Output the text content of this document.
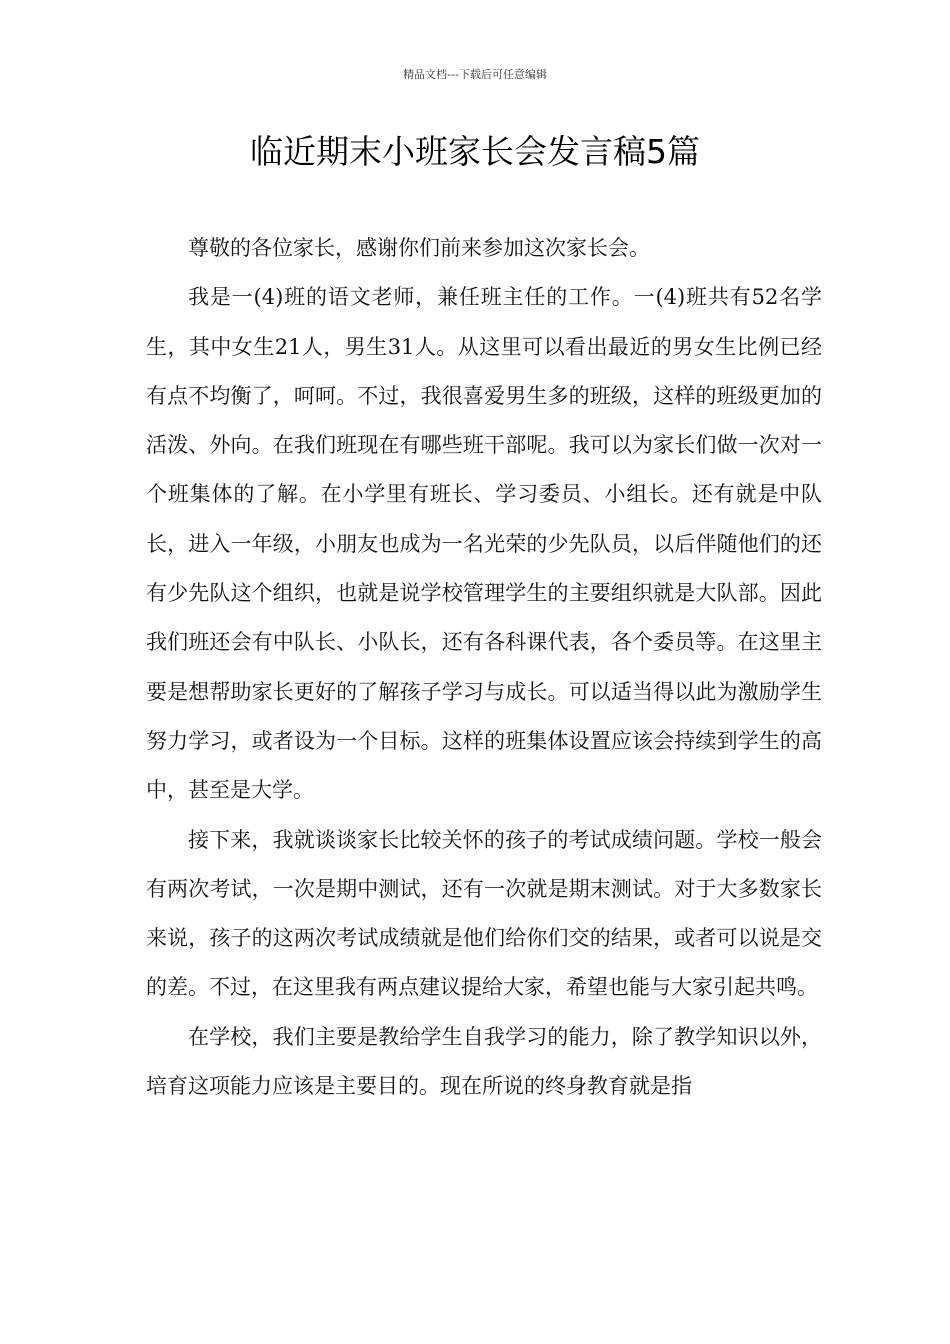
精品文档---下载后可任意编辑
临近期末小班家长会发言稿5篇

尊敬的各位家长，感谢你们前来参加这次家长会。

我是一(4)班的语文老师，兼任班主任的工作。一(4)班共有52名学生，其中女生21人，男生31人。从这里可以看出最近的男女生比例已经有点不均衡了，呵呵。不过，我很喜爱男生多的班级，这样的班级更加的活泼、外向。在我们班现在有哪些班干部呢。我可以为家长们做一次对一个班集体的了解。在小学里有班长、学习委员、小组长。还有就是中队长，进入一年级，小朋友也成为一名光荣的少先队员，以后伴随他们的还有少先队这个组织，也就是说学校管理学生的主要组织就是大队部。因此我们班还会有中队长、小队长，还有各科课代表，各个委员等。在这里主要是想帮助家长更好的了解孩子学习与成长。可以适当得以此为激励学生努力学习，或者设为一个目标。这样的班集体设置应该会持续到学生的高中，甚至是大学。

接下来，我就谈谈家长比较关怀的孩子的考试成绩问题。学校一般会有两次考试，一次是期中测试，还有一次就是期末测试。对于大多数家长来说，孩子的这两次考试成绩就是他们给你们交的结果，或者可以说是交的差。不过，在这里我有两点建议提给大家，希望也能与大家引起共鸣。

在学校，我们主要是教给学生自我学习的能力，除了教学知识以外，培育这项能力应该是主要目的。现在所说的终身教育就是指
